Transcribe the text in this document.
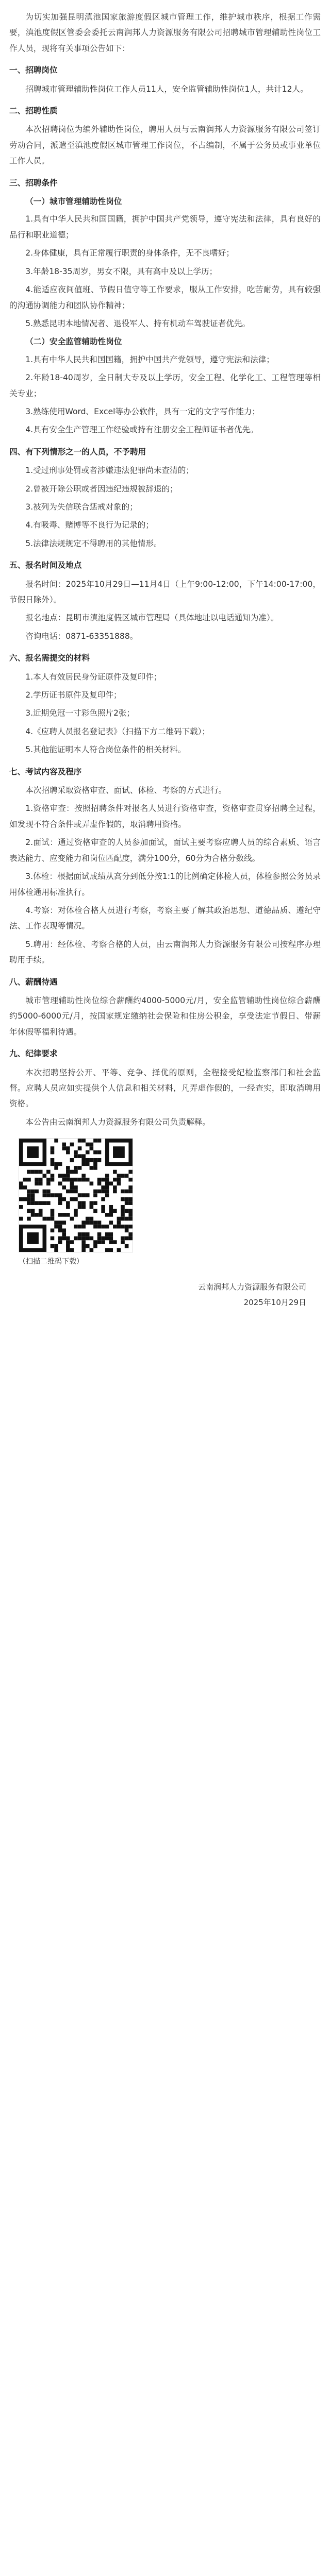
为切实加强昆明滇池国家旅游度假区城市管理工作，维护城市秩序，根据工作需要，滇池度假区管委会委托云南润邦人力资源服务有限公司招聘城市管理辅助性岗位工作人员，现将有关事项公告如下：

一、招聘岗位

招聘城市管理辅助性岗位工作人员11人，安全监管辅助性岗位1人，共计12人。

二、招聘性质

本次招聘岗位为编外辅助性岗位，聘用人员与云南润邦人力资源服务有限公司签订劳动合同，派遣至滇池度假区城市管理工作岗位，不占编制，不属于公务员或事业单位工作人员。

三、招聘条件
（一）城市管理辅助性岗位

1.具有中华人民共和国国籍，拥护中国共产党领导，遵守宪法和法律，具有良好的品行和职业道德；

2.身体健康，具有正常履行职责的身体条件，无不良嗜好；

3.年龄18-35周岁，男女不限，具有高中及以上学历；

4.能适应夜间值班、节假日值守等工作要求，服从工作安排，吃苦耐劳，具有较强的沟通协调能力和团队协作精神；

5.熟悉昆明本地情况者、退役军人、持有机动车驾驶证者优先。

（二）安全监管辅助性岗位

1.具有中华人民共和国国籍，拥护中国共产党领导，遵守宪法和法律；

2.年龄18-40周岁，全日制大专及以上学历，安全工程、化学化工、工程管理等相关专业；

3.熟练使用Word、Excel等办公软件，具有一定的文字写作能力；

4.具有安全生产管理工作经验或持有注册安全工程师证书者优先。

四、有下列情形之一的人员，不予聘用

1.受过刑事处罚或者涉嫌违法犯罪尚未查清的；

2.曾被开除公职或者因违纪违规被辞退的；

3.被列为失信联合惩戒对象的；

4.有吸毒、赌博等不良行为记录的；

5.法律法规规定不得聘用的其他情形。

五、报名时间及地点

报名时间：2025年10月29日—11月4日（上午9:00-12:00，下午14:00-17:00，节假日除外）。

报名地点：昆明市滇池度假区城市管理局（具体地址以电话通知为准）。

咨询电话：0871-63351888。

六、报名需提交的材料

1.本人有效居民身份证原件及复印件；

2.学历证书原件及复印件；

3.近期免冠一寸彩色照片2张；

4.《应聘人员报名登记表》（扫描下方二维码下载）；

5.其他能证明本人符合岗位条件的相关材料。

七、考试内容及程序

本次招聘采取资格审查、面试、体检、考察的方式进行。

1.资格审查：按照招聘条件对报名人员进行资格审查，资格审查贯穿招聘全过程，如发现不符合条件或弄虚作假的，取消聘用资格。

2.面试：通过资格审查的人员参加面试，面试主要考察应聘人员的综合素质、语言表达能力、应变能力和岗位匹配度，满分100分，60分为合格分数线。

3.体检：根据面试成绩从高分到低分按1:1的比例确定体检人员，体检参照公务员录用体检通用标准执行。

4.考察：对体检合格人员进行考察，考察主要了解其政治思想、道德品质、遵纪守法、工作表现等情况。

5.聘用：经体检、考察合格的人员，由云南润邦人力资源服务有限公司按程序办理聘用手续。

八、薪酬待遇

城市管理辅助性岗位综合薪酬约4000-5000元/月，安全监管辅助性岗位综合薪酬约5000-6000元/月，按国家规定缴纳社会保险和住房公积金，享受法定节假日、带薪年休假等福利待遇。

九、纪律要求

本次招聘坚持公开、平等、竞争、择优的原则，全程接受纪检监察部门和社会监督。应聘人员应如实提供个人信息和相关材料，凡弄虚作假的，一经查实，即取消聘用资格。

本公告由云南润邦人力资源服务有限公司负责解释。

（扫描二维码下载）
云南润邦人力资源服务有限公司
2025年10月29日
